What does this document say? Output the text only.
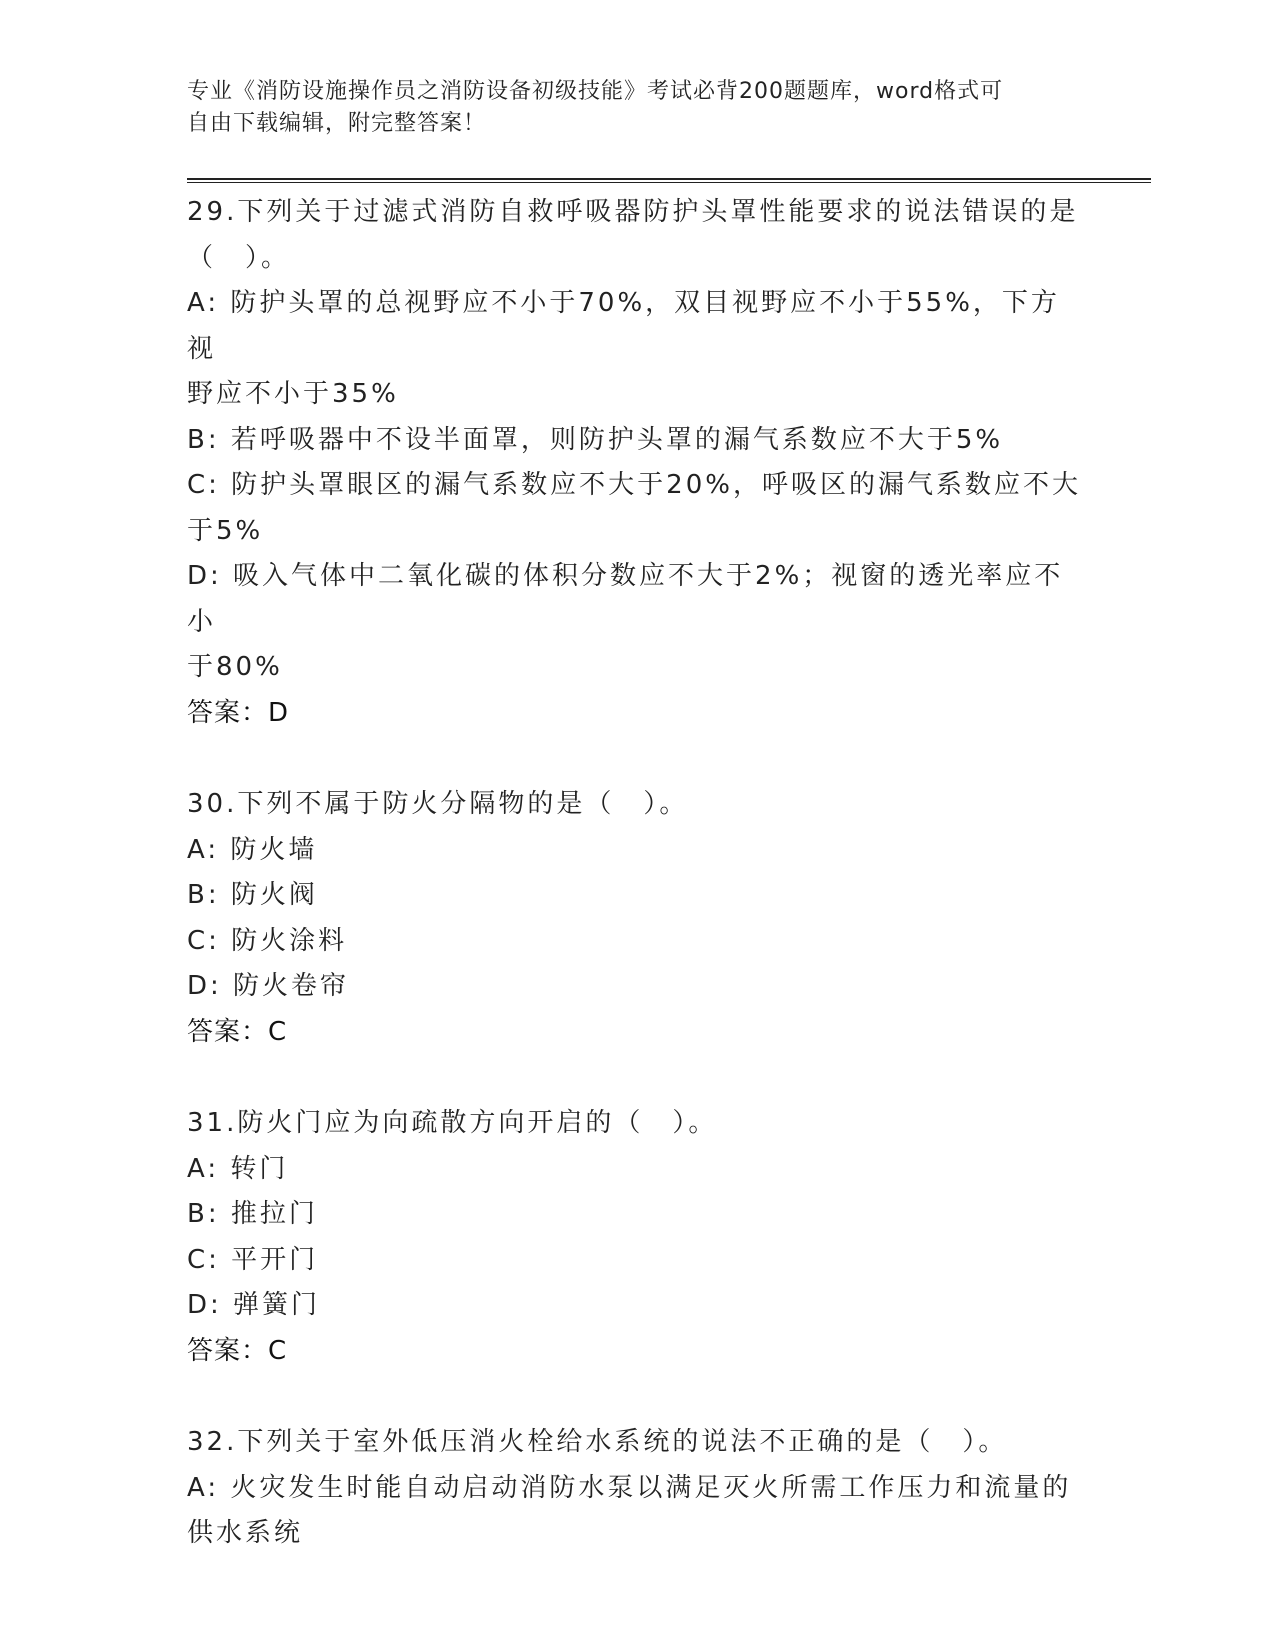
专业《消防设施操作员之消防设备初级技能》考试必背200题题库，word格式可
自由下载编辑，附完整答案！

29.下列关于过滤式消防自救呼吸器防护头罩性能要求的说法错误的是

（　）。

A: 防护头罩的总视野应不小于70%，双目视野应不小于55%，下方视

野应不小于35%

B: 若呼吸器中不设半面罩，则防护头罩的漏气系数应不大于5%

C: 防护头罩眼区的漏气系数应不大于20%，呼吸区的漏气系数应不大

于5%

D: 吸入气体中二氧化碳的体积分数应不大于2%；视窗的透光率应不小

于80%

答案：D

30.下列不属于防火分隔物的是（　）。

A: 防火墙

B: 防火阀

C: 防火涂料

D: 防火卷帘

答案：C

31.防火门应为向疏散方向开启的（　）。

A: 转门

B: 推拉门

C: 平开门

D: 弹簧门

答案：C

32.下列关于室外低压消火栓给水系统的说法不正确的是（　）。

A: 火灾发生时能自动启动消防水泵以满足灭火所需工作压力和流量的

供水系统
